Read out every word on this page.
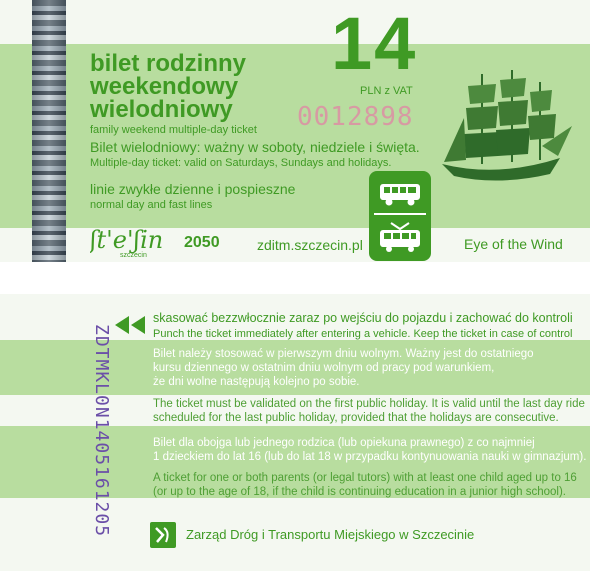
14
PLN z VAT
0012898
bilet rodzinny
weekendowy
wielodniowy
family weekend multiple-day ticket
Bilet wielodniowy: ważny w soboty, niedziele i święta.
Multiple-day ticket: valid on Saturdays, Sundays and holidays.
linie zwykłe dzienne i pospieszne
normal day and fast lines
ʃt'e'ʃin
szczecin
2050	zditm.szczecin.pl	Eye of the Wind
skasować bezzwłocznie zaraz po wejściu do pojazdu i zachować do kontroli
Punch the ticket immediately after entering a vehicle. Keep the ticket in case of control
Bilet należy stosować w pierwszym dniu wolnym. Ważny jest do ostatniego
kursu dziennego w ostatnim dniu wolnym od pracy pod warunkiem,
że dni wolne następują kolejno po sobie.
The ticket must be validated on the first public holiday. It is valid until the last day ride
scheduled for the last public holiday, provided that the holidays are consecutive.
Bilet dla obojga lub jednego rodzica (lub opiekuna prawnego) z co najmniej
1 dzieckiem do lat 16 (lub do lat 18 w przypadku kontynuowania nauki w gimnazjum).
A ticket for one or both parents (or legal tutors) with at least one child aged up to 16
(or up to the age of 18, if the child is continuing education in a junior high school).
ZDTMKL0N1405161205	Zarząd Dróg i Transportu Miejskiego w Szczecinie
